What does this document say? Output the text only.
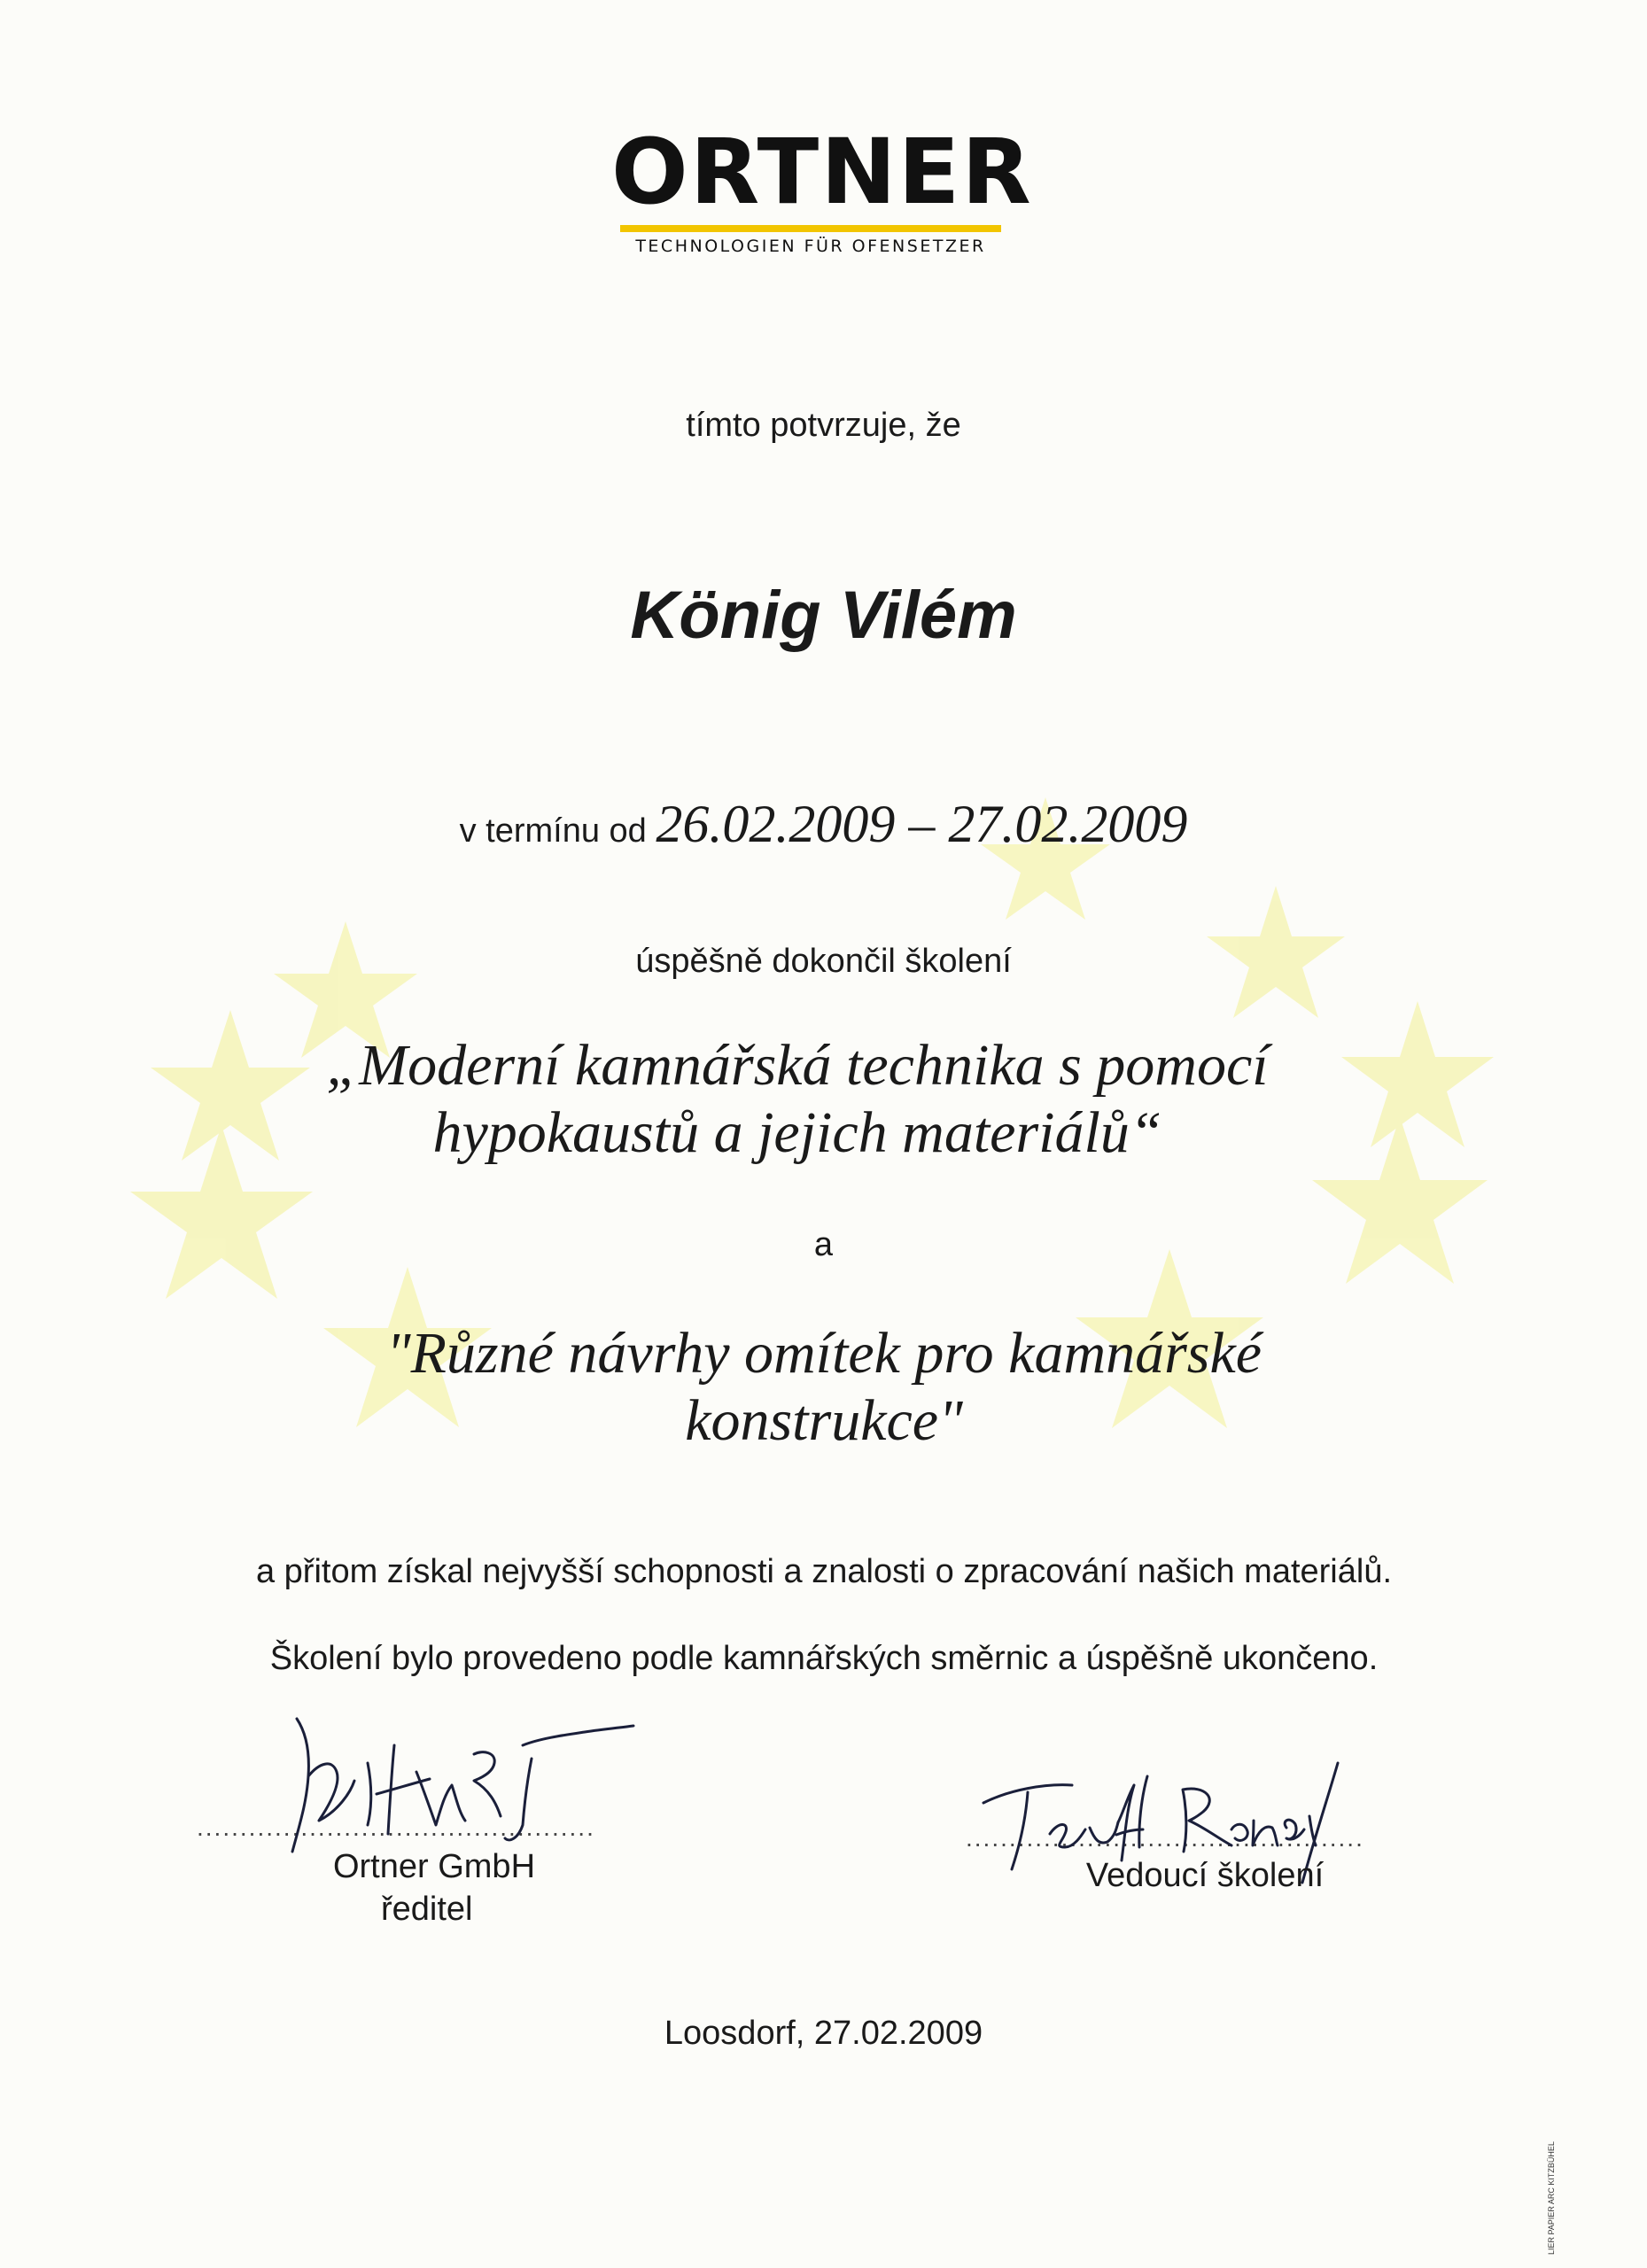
ORTNER
TECHNOLOGIEN FÜR OFENSETZER

tímto potvrzuje, že

König Vilém

v termínu od 26.02.2009 – 27.02.2009

úspěšně dokončil školení

„Moderní kamnářská technika s pomocí hypokaustů a jejich materiálů“

a

"Různé návrhy omítek pro kamnářské konstrukce"

a přitom získal nejvyšší schopnosti a znalosti o zpracování našich materiálů.

Školení bylo provedeno podle kamnářských směrnic a úspěšně ukončeno.

..............................................	..............................................

Ortner GmbH

ředitel

Vedoucí školení

Loosdorf, 27.02.2009

LIER PAPIER ARC KITZBÜHEL
